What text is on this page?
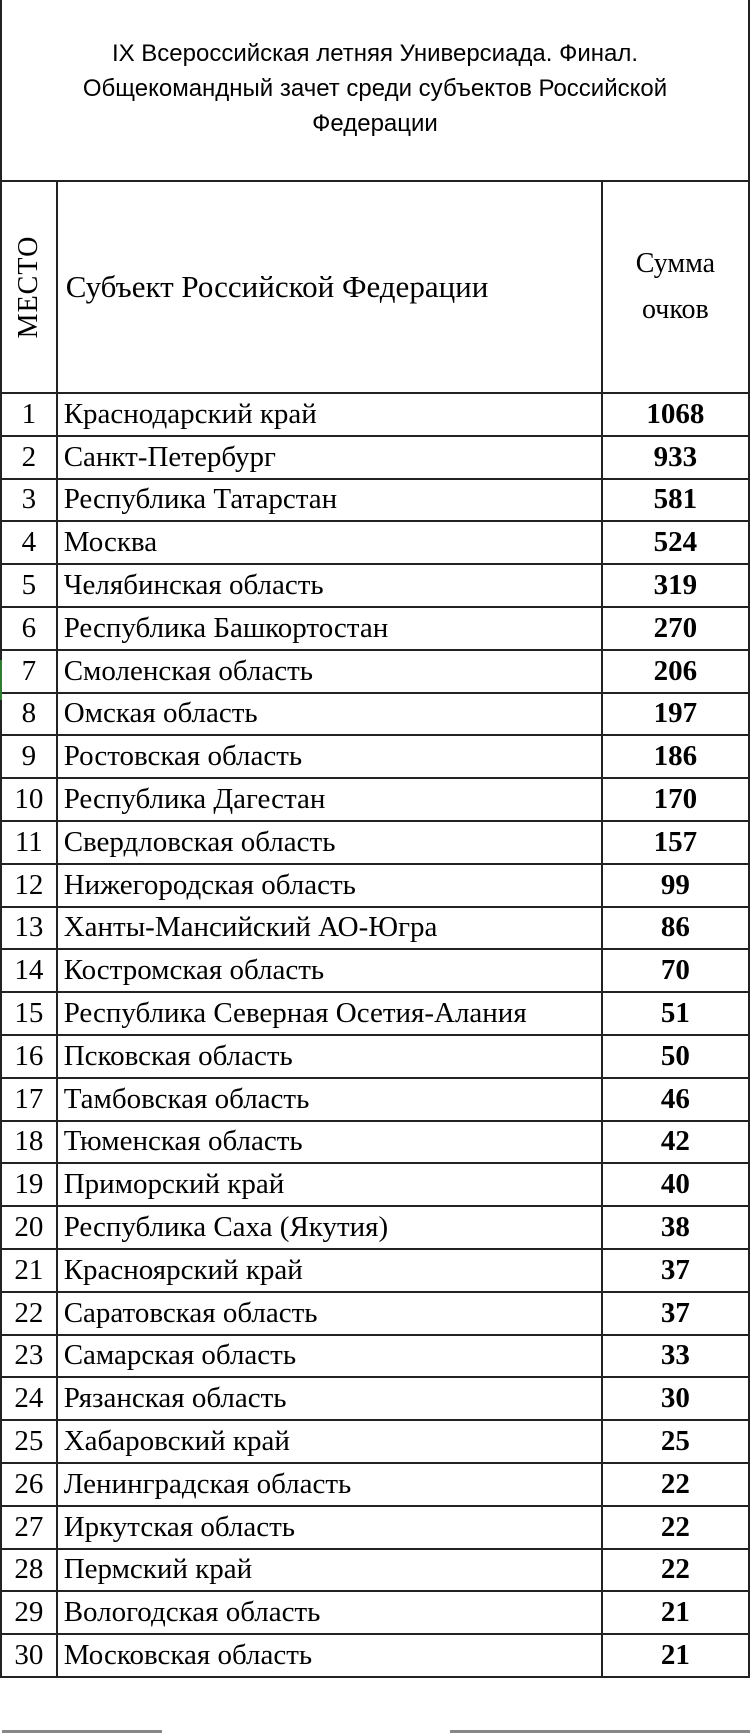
IX Всероссийская летняя Универсиада. Финал.
Общекомандный зачет среди субъектов Российской
Федерации
МЕСТО	Субъект Российской Федерации	Сумма
очков

1	Краснодарский край	1068
2	Санкт-Петербург	933
3	Республика Татарстан	581
4	Москва	524
5	Челябинская область	319
6	Республика Башкортостан	270
7	Смоленская область	206
8	Омская область	197
9	Ростовская область	186
10	Республика Дагестан	170
11	Свердловская область	157
12	Нижегородская область	99
13	Ханты-Мансийский АО-Югра	86
14	Костромская область	70
15	Республика Северная Осетия-Алания	51
16	Псковская область	50
17	Тамбовская область	46
18	Тюменская область	42
19	Приморский край	40
20	Республика Саха (Якутия)	38
21	Красноярский край	37
22	Саратовская область	37
23	Самарская область	33
24	Рязанская область	30
25	Хабаровский край	25
26	Ленинградская область	22
27	Иркутская область	22
28	Пермский край	22
29	Вологодская область	21
30	Московская область	21
